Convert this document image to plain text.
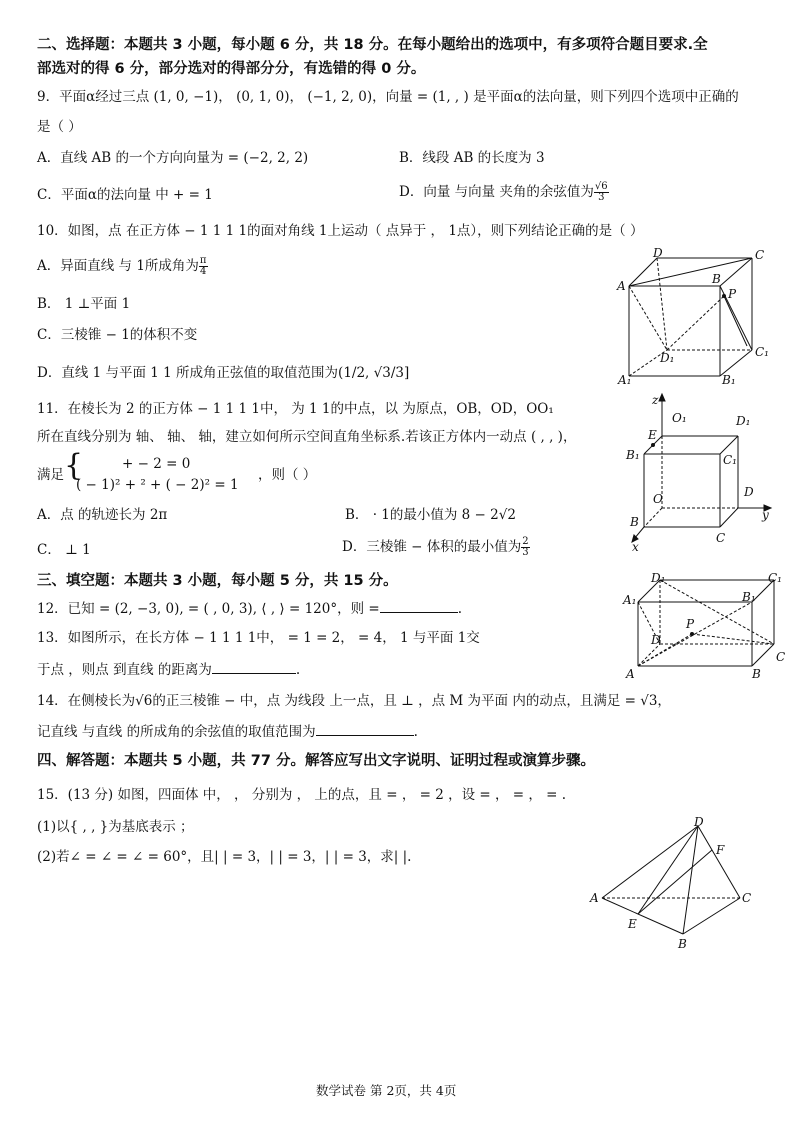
二、选择题：本题共 3 小题，每小题 6 分，共 18 分。在每小题给出的选项中，有多项符合题目要求.全
部选对的得 6 分，部分选对的得部分分，有选错的得 0 分。
9．平面α经过三点 (1, 0, −1)， (0, 1, 0)， (−1, 2, 0)，向量 = (1, , ) 是平面α的法向量，则下列四个选项中正确的
是（ ）
A．直线 AB 的一个方向向量为 = (−2, 2, 2)	B．线段 AB 的长度为 3
C．平面α的法向量 中 + = 1	D．向量 与向量 夹角的余弦值为 $\frac{√6}{3}$
10．如图，点 在正方体 − 1 1 1 1的面对角线 1上运动（ 点异于 ， 1点），则下列结论正确的是（ ）
A．异面直线 与 1所成角为 $\frac{\pi}{4}$
B． 1 ⊥平面 1
C．三棱锥 − 1的体积不变
D．直线 1 与平面 1 1 所成角正弦值的取值范围为(1/2, √3/3]
D	C
A	B
P
D₁	C₁
A₁	B₁
11．在棱长为 2 的正方体 − 1 1 1 1中， 为 1 1的中点，以 为原点，OB，OD，OO₁
所在直线分别为 轴、 轴、 轴，建立如何所示空间直角坐标系.若该正方体内一动点 ( , , )，
满足 {	+ − 2 = 0
( − 1)² + ² + ( − 2)² = 1
，则（ ）
A．点 的轨迹长为 2π	B． · 1的最小值为 8 − 2√2
C． ⊥ 1	D．三棱锥 − 体积的最小值为 $\frac{2}{3}$
z
O₁	D₁
E
B₁	C₁
O	D
y
B
C
x
三、填空题：本题共 3 小题，每小题 5 分，共 15 分。
12．已知 = (2, −3, 0), = ( , 0, 3), ⟨ , ⟩ = 120°，则 =	.
13．如图所示，在长方体 − 1 1 1 1中， = 1 = 2， = 4， 1 与平面 1交
于点 ，则点 到直线 的距离为	.
D₁	C₁
A₁	B₁
D
P
C
A	B
14．在侧棱长为√6的正三棱锥 − 中，点 为线段 上一点，且 ⊥ ，点 M 为平面 内的动点，且满足 = √3，
记直线 与直线 的所成角的余弦值的取值范围为	.
四、解答题：本题共 5 小题，共 77 分。解答应写出文字说明、证明过程或演算步骤。
15．(13 分) 如图，四面体 中， ， 分别为 ， 上的点，且 = ， = 2 ，设 = ， = ， = .
(1)以{ , , }为基底表示 ；
(2)若∠ = ∠ = ∠ = 60°，且| | = 3，| | = 3，| | = 3，求| |.
D
F
A	C
E
B
数学试卷 第 2页，共 4页
